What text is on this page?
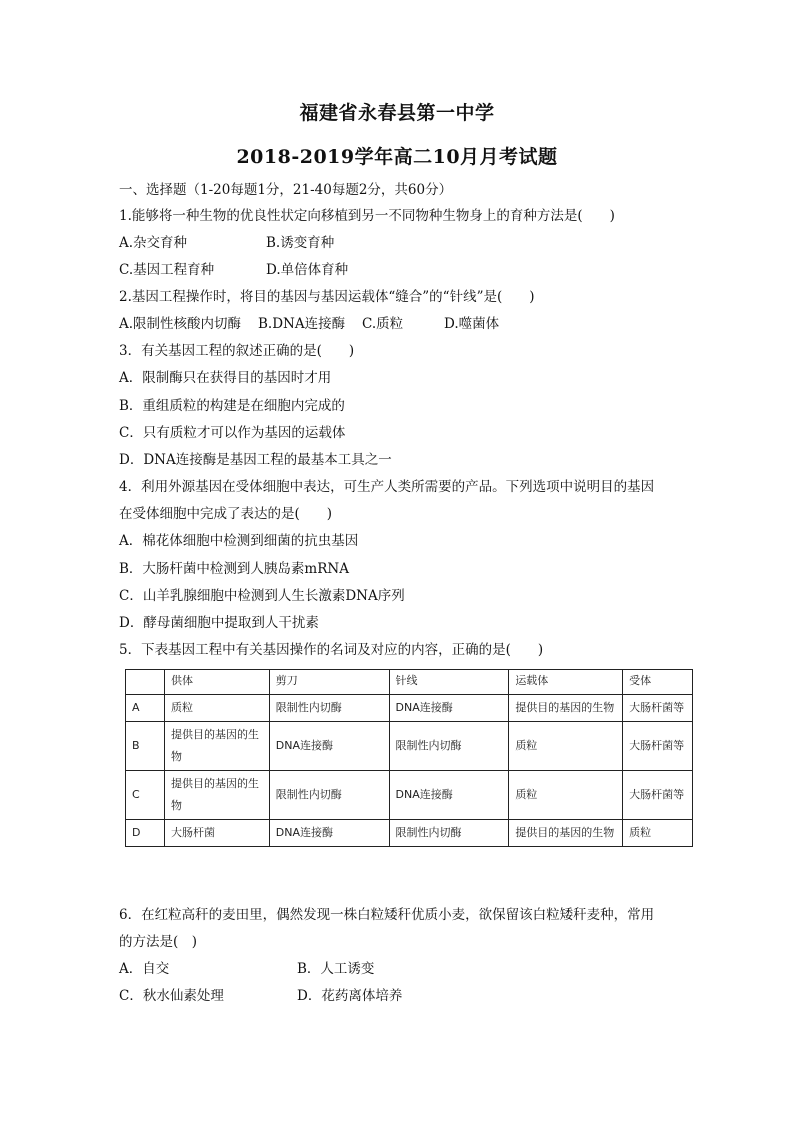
福建省永春县第一中学
2018-2019学年高二10月月考试题
一、选择题（1-20每题1分，21-40每题2分，共60分）
1.能够将一种生物的优良性状定向移植到另一不同物种生物身上的育种方法是(　　)
A.杂交育种	B.诱变育种
C.基因工程育种	D.单倍体育种
2.基因工程操作时，将目的基因与基因运载体“缝合”的“针线”是(　　)
A.限制性核酸内切酶 B.DNA连接酶 C.质粒	D.噬菌体
3．有关基因工程的叙述正确的是(　　)
A．限制酶只在获得目的基因时才用
B．重组质粒的构建是在细胞内完成的
C．只有质粒才可以作为基因的运载体
D．DNA连接酶是基因工程的最基本工具之一
4．利用外源基因在受体细胞中表达，可生产人类所需要的产品。下列选项中说明目的基因
在受体细胞中完成了表达的是(　　)
A．棉花体细胞中检测到细菌的抗虫基因
B．大肠杆菌中检测到人胰岛素mRNA
C．山羊乳腺细胞中检测到人生长激素DNA序列
D．酵母菌细胞中提取到人干扰素
5．下表基因工程中有关基因操作的名词及对应的内容，正确的是(　　)
	供体	剪刀	针线	运载体	受体
A	质粒	限制性内切酶	DNA连接酶	提供目的基因的生物	大肠杆菌等
B	提供目的基因的生物	DNA连接酶	限制性内切酶	质粒	大肠杆菌等
C	提供目的基因的生物	限制性内切酶	DNA连接酶	质粒	大肠杆菌等
D	大肠杆菌	DNA连接酶	限制性内切酶	提供目的基因的生物	质粒
6．在红粒高秆的麦田里，偶然发现一株白粒矮秆优质小麦，欲保留该白粒矮秆麦种，常用
的方法是(　)
A．自交	B．人工诱变
C．秋水仙素处理	D．花药离体培养
